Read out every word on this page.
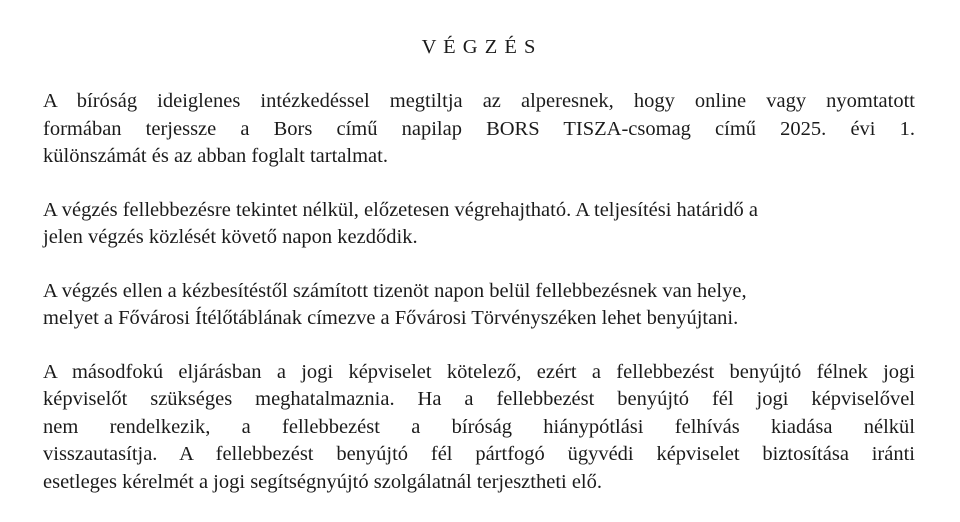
V É G Z É S
A bíróság ideiglenes intézkedéssel megtiltja az alperesnek, hogy online vagy nyomtatott
formában terjessze a Bors című napilap BORS TISZA-csomag című 2025. évi 1.
különszámát és az abban foglalt tartalmat.
A végzés fellebbezésre tekintet nélkül, előzetesen végrehajtható. A teljesítési határidő a
jelen végzés közlését követő napon kezdődik.
A végzés ellen a kézbesítéstől számított tizenöt napon belül fellebbezésnek van helye,
melyet a Fővárosi Ítélőtáblának címezve a Fővárosi Törvényszéken lehet benyújtani.
A másodfokú eljárásban a jogi képviselet kötelező, ezért a fellebbezést benyújtó félnek jogi
képviselőt szükséges meghatalmaznia. Ha a fellebbezést benyújtó fél jogi képviselővel
nem rendelkezik, a fellebbezést a bíróság hiánypótlási felhívás kiadása nélkül
visszautasítja. A fellebbezést benyújtó fél pártfogó ügyvédi képviselet biztosítása iránti
esetleges kérelmét a jogi segítségnyújtó szolgálatnál terjesztheti elő.
